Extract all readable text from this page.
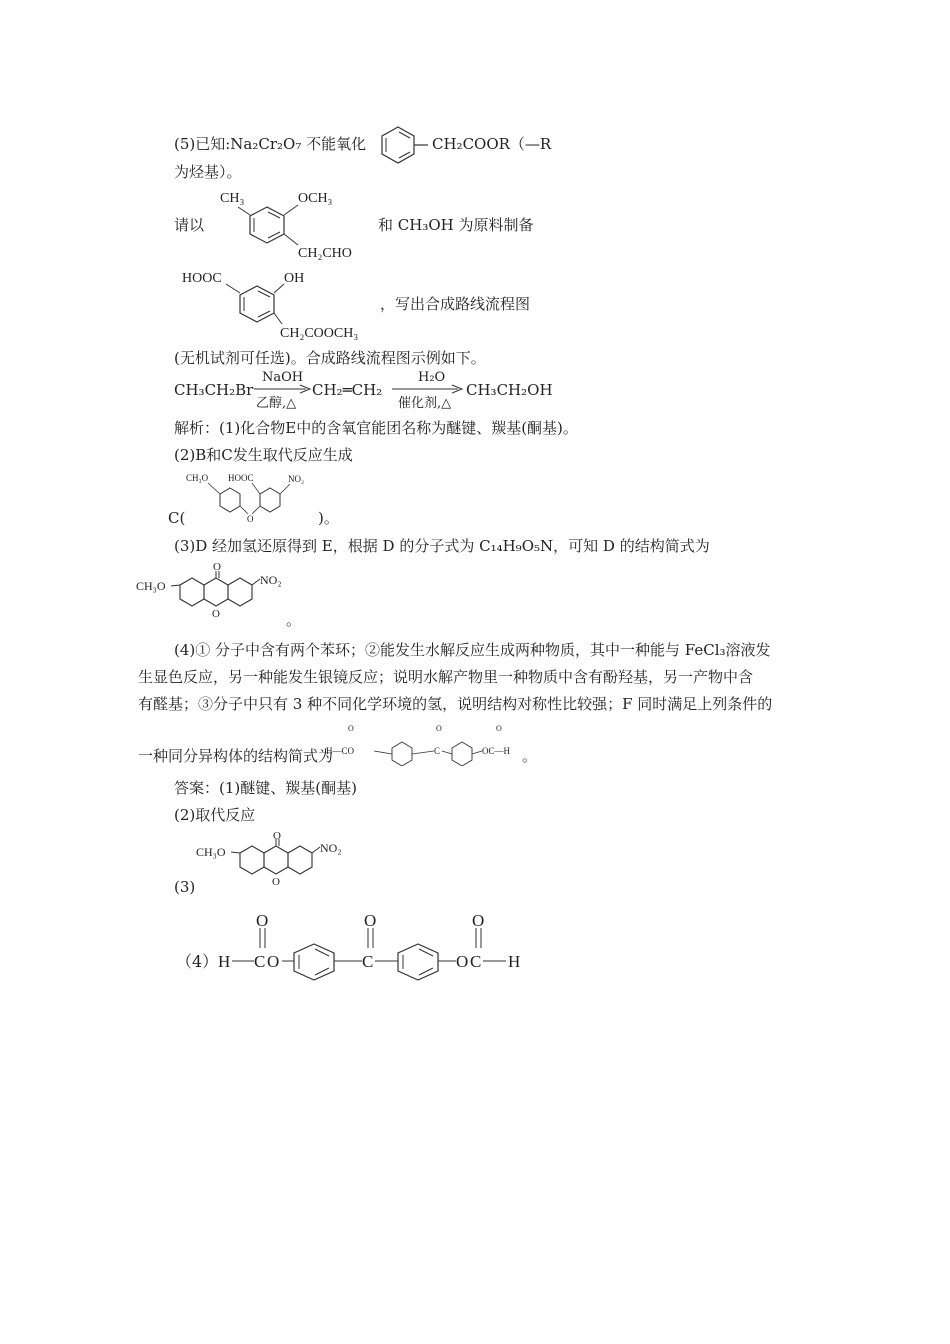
(5)已知:Na₂Cr₂O₇ 不能氧化	CH₂COOR（—R
为烃基）。
请以
CH₃	OCH₃
CH₂CHO
和 CH₃OH 为原料制备
HOOC	OH
CH₂COOCH₃
，写出合成路线流程图
(无机试剂可任选)。合成路线流程图示例如下。
CH₃CH₂Br
NaOH
乙醇,△
CH₂═CH₂
H₂O
催化剂,△
CH₃CH₂OH
解析：(1)化合物E中的含氧官能团名称为醚键、羰基(酮基)。
(2)B和C发生取代反应生成
C(
CH₃O HOOC	NO₂
O	)。
(3)D 经加氢还原得到 E，根据 D 的分子式为 C₁₄H₉O₅N，可知 D 的结构简式为
CH₃O
O
O
NO₂
。
(4)① 分子中含有两个苯环；②能发生水解反应生成两种物质，其中一种能与 FeCl₃溶液发
生显色反应，另一种能发生银镜反应；说明水解产物里一种物质中含有酚羟基，另一产物中含
有醛基；③分子中只有 3 种不同化学环境的氢，说明结构对称性比较强；F 同时满足上列条件的
一种同分异构体的结构简式为
O	O	O
H—CO	C	OC—H 。
答案：(1)醚键、羰基(酮基)
(2)取代反应
CH₃O
O
O
NO₂
(3)
（4）
O	O	O
H C O	C	O C H
